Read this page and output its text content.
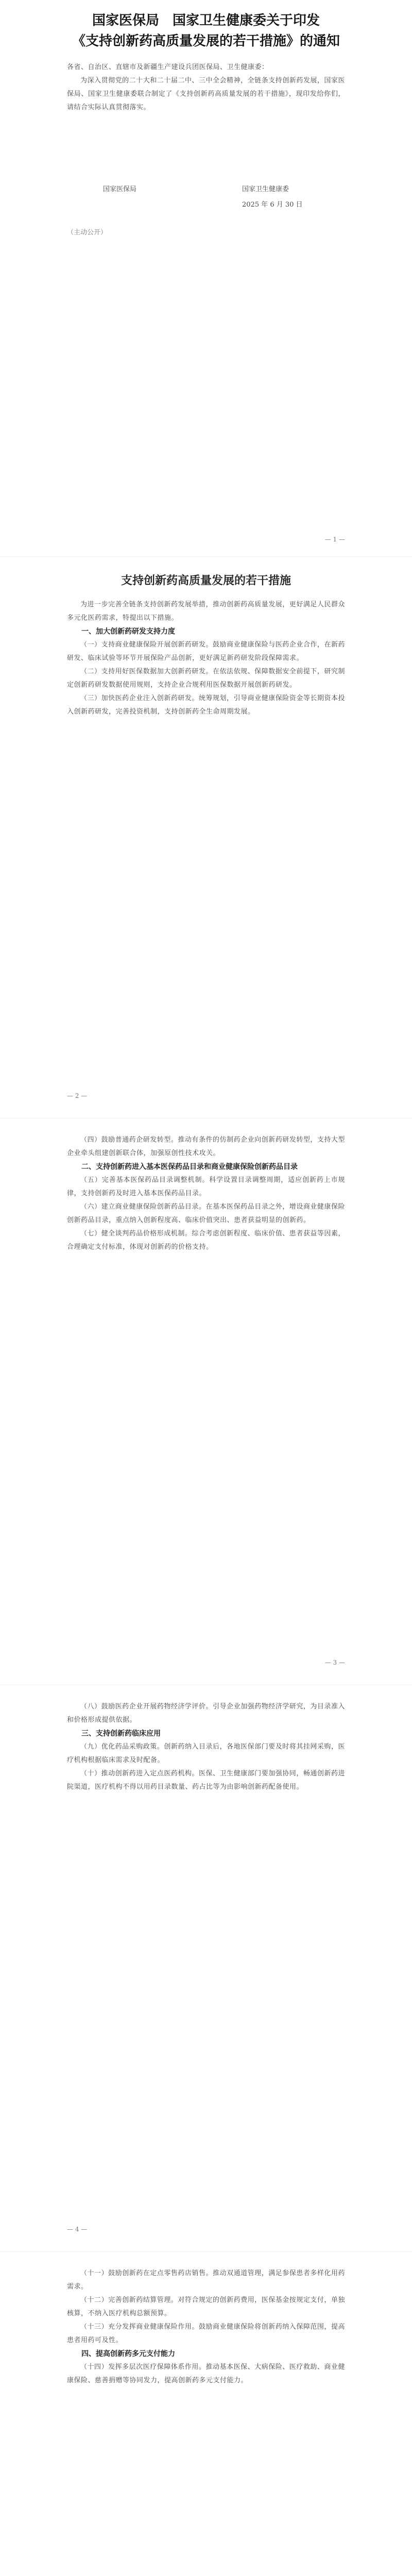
国家医保局　国家卫生健康委关于印发
《支持创新药高质量发展的若干措施》的通知

各省、自治区、直辖市及新疆生产建设兵团医保局、卫生健康委：

为深入贯彻党的二十大和二十届二中、三中全会精神，全链条支持创新药发展，国家医保局、国家卫生健康委联合制定了《支持创新药高质量发展的若干措施》，现印发给你们，请结合实际认真贯彻落实。

国家医保局	国家卫生健康委
2025 年 6 月 30 日
（主动公开）
— 1 —
支持创新药高质量发展的若干措施

为进一步完善全链条支持创新药发展举措，推动创新药高质量发展，更好满足人民群众多元化医药需求，特提出以下措施。

一、加大创新药研发支持力度

（一）支持商业健康保险开展创新药研发。鼓励商业健康保险与医药企业合作，在新药研发、临床试验等环节开展保险产品创新，更好满足新药研发阶段保障需求。

（二）支持用好医保数据加大创新药研发。在依法依规、保障数据安全前提下，研究制定创新药研发数据使用规则，支持企业合规利用医保数据开展创新药研发。

（三）加快医药企业注入创新药研发。统筹规划，引导商业健康保险资金等长期资本投入创新药研发，完善投资机制，支持创新药全生命周期发展。

— 2 —

（四）鼓励普通药企研发转型。推动有条件的仿制药企业向创新药研发转型，支持大型企业牵头组建创新联合体，加强原创性技术攻关。

二、支持创新药进入基本医保药品目录和商业健康保险创新药品目录

（五）完善基本医保药品目录调整机制。科学设置目录调整周期，适应创新药上市规律，支持创新药及时进入基本医保药品目录。

（六）建立商业健康保险创新药品目录。在基本医保药品目录之外，增设商业健康保险创新药品目录，重点纳入创新程度高、临床价值突出、患者获益明显的创新药。

（七）健全谈判药品价格形成机制。综合考虑创新程度、临床价值、患者获益等因素，合理确定支付标准，体现对创新药的价格支持。

— 3 —

（八）鼓励医药企业开展药物经济学评价。引导企业加强药物经济学研究，为目录准入和价格形成提供依据。

三、支持创新药临床应用

（九）优化药品采购政策。创新药纳入目录后，各地医保部门要及时将其挂网采购，医疗机构根据临床需求及时配备。

（十）推动创新药进入定点医药机构。医保、卫生健康部门要加强协同，畅通创新药进院渠道，医疗机构不得以用药目录数量、药占比等为由影响创新药配备使用。

— 4 —

（十一）鼓励创新药在定点零售药店销售。推动双通道管理，满足参保患者多样化用药需求。

（十二）完善创新药结算管理。对符合规定的创新药费用，医保基金按规定支付，单独核算，不纳入医疗机构总额预算。

（十三）充分发挥商业健康保险作用。鼓励商业健康保险将创新药纳入保障范围，提高患者用药可及性。

四、提高创新药多元支付能力

（十四）发挥多层次医疗保障体系作用。推动基本医保、大病保险、医疗救助、商业健康保险、慈善捐赠等协同发力，提高创新药多元支付能力。
